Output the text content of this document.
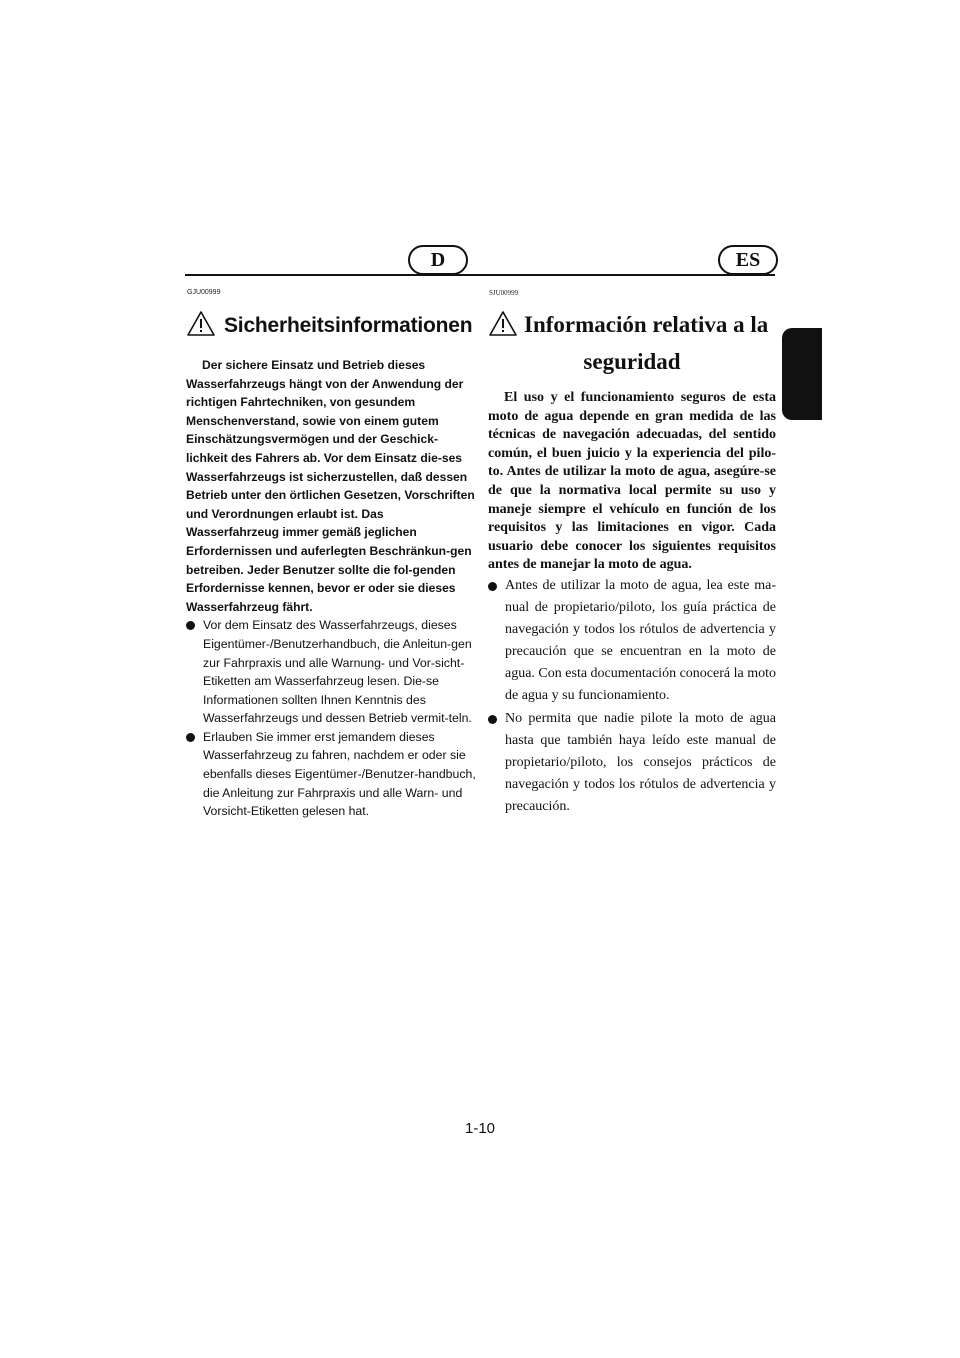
D	ES
GJU00999	SJU00999
Sicherheitsinformationen

Der sichere Einsatz und Betrieb dieses Wasserfahrzeugs hängt von der Anwendung der richtigen Fahrtechniken, von gesundem Menschenverstand, sowie von einem gutem Einschätzungsvermögen und der Geschick-lichkeit des Fahrers ab. Vor dem Einsatz die-ses Wasserfahrzeugs ist sicherzustellen, daß dessen Betrieb unter den örtlichen Gesetzen, Vorschriften und Verordnungen erlaubt ist. Das Wasserfahrzeug immer gemäß jeglichen Erfordernissen und auferlegten Beschränkun-gen betreiben. Jeder Benutzer sollte die fol-genden Erfordernisse kennen, bevor er oder sie dieses Wasserfahrzeug fährt.

Vor dem Einsatz des Wasserfahrzeugs, dieses Eigentümer-/Benutzerhandbuch, die Anleitun-gen zur Fahrpraxis und alle Warnung- und Vor-sicht-Etiketten am Wasserfahrzeug lesen. Die-se Informationen sollten Ihnen Kenntnis des Wasserfahrzeugs und dessen Betrieb vermit-teln.
Erlauben Sie immer erst jemandem dieses Wasserfahrzeug zu fahren, nachdem er oder sie ebenfalls dieses Eigentümer-/Benutzer-handbuch, die Anleitung zur Fahrpraxis und alle Warn- und Vorsicht-Etiketten gelesen hat.
Información relativa a la
seguridad

El uso y el funcionamiento seguros de esta moto de agua depende en gran medida de las técnicas de navegación adecuadas, del sentido común, el buen juicio y la experiencia del pilo-to. Antes de utilizar la moto de agua, asegúre-se de que la normativa local permite su uso y maneje siempre el vehículo en función de los requisitos y las limitaciones en vigor. Cada usuario debe conocer los siguientes requisitos antes de manejar la moto de agua.

Antes de utilizar la moto de agua, lea este ma-nual de propietario/piloto, los guía práctica de navegación y todos los rótulos de advertencia y precaución que se encuentran en la moto de agua. Con esta documentación conocerá la moto de agua y su funcionamiento.
No permita que nadie pilote la moto de agua hasta que también haya leído este manual de propietario/piloto, los consejos prácticos de navegación y todos los rótulos de advertencia y precaución.
1-10
